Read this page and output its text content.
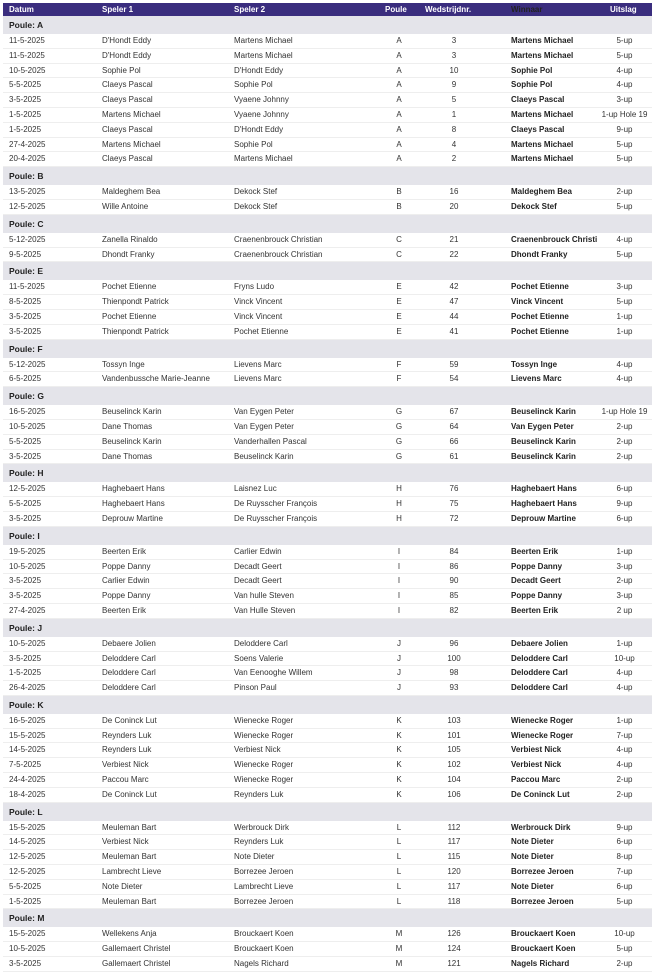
Datum	Speler 1	Speler 2	Poule	Wedstrijdnr.	Winnaar	Uitslag
Poule: A
11-5-2025	D'Hondt Eddy	Martens Michael	A	3	Martens Michael	5-up
11-5-2025	D'Hondt Eddy	Martens Michael	A	3	Martens Michael	5-up
10-5-2025	Sophie Pol	D'Hondt Eddy	A	10	Sophie Pol	4-up
5-5-2025	Claeys Pascal	Sophie Pol	A	9	Sophie Pol	4-up
3-5-2025	Claeys Pascal	Vyaene Johnny	A	5	Claeys Pascal	3-up
1-5-2025	Martens Michael	Vyaene Johnny	A	1	Martens Michael	1-up Hole 19
1-5-2025	Claeys Pascal	D'Hondt Eddy	A	8	Claeys Pascal	9-up
27-4-2025	Martens Michael	Sophie Pol	A	4	Martens Michael	5-up
20-4-2025	Claeys Pascal	Martens Michael	A	2	Martens Michael	5-up
Poule: B
13-5-2025	Maldeghem Bea	Dekock Stef	B	16	Maldeghem Bea	2-up
12-5-2025	Wille Antoine	Dekock Stef	B	20	Dekock Stef	5-up
Poule: C
5-12-2025	Zanella Rinaldo	Craenenbrouck Christian	C	21	Craenenbrouck Christi	4-up
9-5-2025	Dhondt Franky	Craenenbrouck Christian	C	22	Dhondt Franky	5-up
Poule: E
11-5-2025	Pochet Etienne	Fryns Ludo	E	42	Pochet Etienne	3-up
8-5-2025	Thienpondt Patrick	Vinck Vincent	E	47	Vinck Vincent	5-up
3-5-2025	Pochet Etienne	Vinck Vincent	E	44	Pochet Etienne	1-up
3-5-2025	Thienpondt Patrick	Pochet Etienne	E	41	Pochet Etienne	1-up
Poule: F
5-12-2025	Tossyn Inge	Lievens Marc	F	59	Tossyn Inge	4-up
6-5-2025	Vandenbussche Marie-Jeanne	Lievens Marc	F	54	Lievens Marc	4-up
Poule: G
16-5-2025	Beuselinck Karin	Van Eygen Peter	G	67	Beuselinck Karin	1-up Hole 19
10-5-2025	Dane Thomas	Van Eygen Peter	G	64	Van Eygen Peter	2-up
5-5-2025	Beuselinck Karin	Vanderhallen Pascal	G	66	Beuselinck Karin	2-up
3-5-2025	Dane Thomas	Beuselinck Karin	G	61	Beuselinck Karin	2-up
Poule: H
12-5-2025	Haghebaert Hans	Laisnez Luc	H	76	Haghebaert Hans	6-up
5-5-2025	Haghebaert Hans	De Ruysscher François	H	75	Haghebaert Hans	9-up
3-5-2025	Deprouw Martine	De Ruysscher François	H	72	Deprouw Martine	6-up
Poule: I
19-5-2025	Beerten Erik	Carlier Edwin	I	84	Beerten Erik	1-up
10-5-2025	Poppe Danny	Decadt Geert	I	86	Poppe Danny	3-up
3-5-2025	Carlier Edwin	Decadt Geert	I	90	Decadt Geert	2-up
3-5-2025	Poppe Danny	Van hulle Steven	I	85	Poppe Danny	3-up
27-4-2025	Beerten Erik	Van Hulle Steven	I	82	Beerten Erik	2 up
Poule: J
10-5-2025	Debaere Jolien	Deloddere Carl	J	96	Debaere Jolien	1-up
3-5-2025	Deloddere Carl	Soens Valerie	J	100	Deloddere Carl	10-up
1-5-2025	Deloddere Carl	Van Eenooghe Willem	J	98	Deloddere Carl	4-up
26-4-2025	Deloddere Carl	Pinson Paul	J	93	Deloddere Carl	4-up
Poule: K
16-5-2025	De Coninck Lut	Wienecke Roger	K	103	Wienecke Roger	1-up
15-5-2025	Reynders Luk	Wienecke Roger	K	101	Wienecke Roger	7-up
14-5-2025	Reynders Luk	Verbiest Nick	K	105	Verbiest Nick	4-up
7-5-2025	Verbiest Nick	Wienecke Roger	K	102	Verbiest Nick	4-up
24-4-2025	Paccou Marc	Wienecke Roger	K	104	Paccou Marc	2-up
18-4-2025	De Coninck Lut	Reynders Luk	K	106	De Coninck Lut	2-up
Poule: L
15-5-2025	Meuleman Bart	Werbrouck Dirk	L	112	Werbrouck Dirk	9-up
14-5-2025	Verbiest Nick	Reynders Luk	L	117	Note Dieter	6-up
12-5-2025	Meuleman Bart	Note Dieter	L	115	Note Dieter	8-up
12-5-2025	Lambrecht Lieve	Borrezee Jeroen	L	120	Borrezee Jeroen	7-up
5-5-2025	Note Dieter	Lambrecht Lieve	L	117	Note Dieter	6-up
1-5-2025	Meuleman Bart	Borrezee Jeroen	L	118	Borrezee Jeroen	5-up
Poule: M
15-5-2025	Wellekens Anja	Brouckaert Koen	M	126	Brouckaert Koen	10-up
10-5-2025	Gallemaert Christel	Brouckaert Koen	M	124	Brouckaert Koen	5-up
3-5-2025	Gallemaert Christel	Nagels Richard	M	121	Nagels Richard	2-up
